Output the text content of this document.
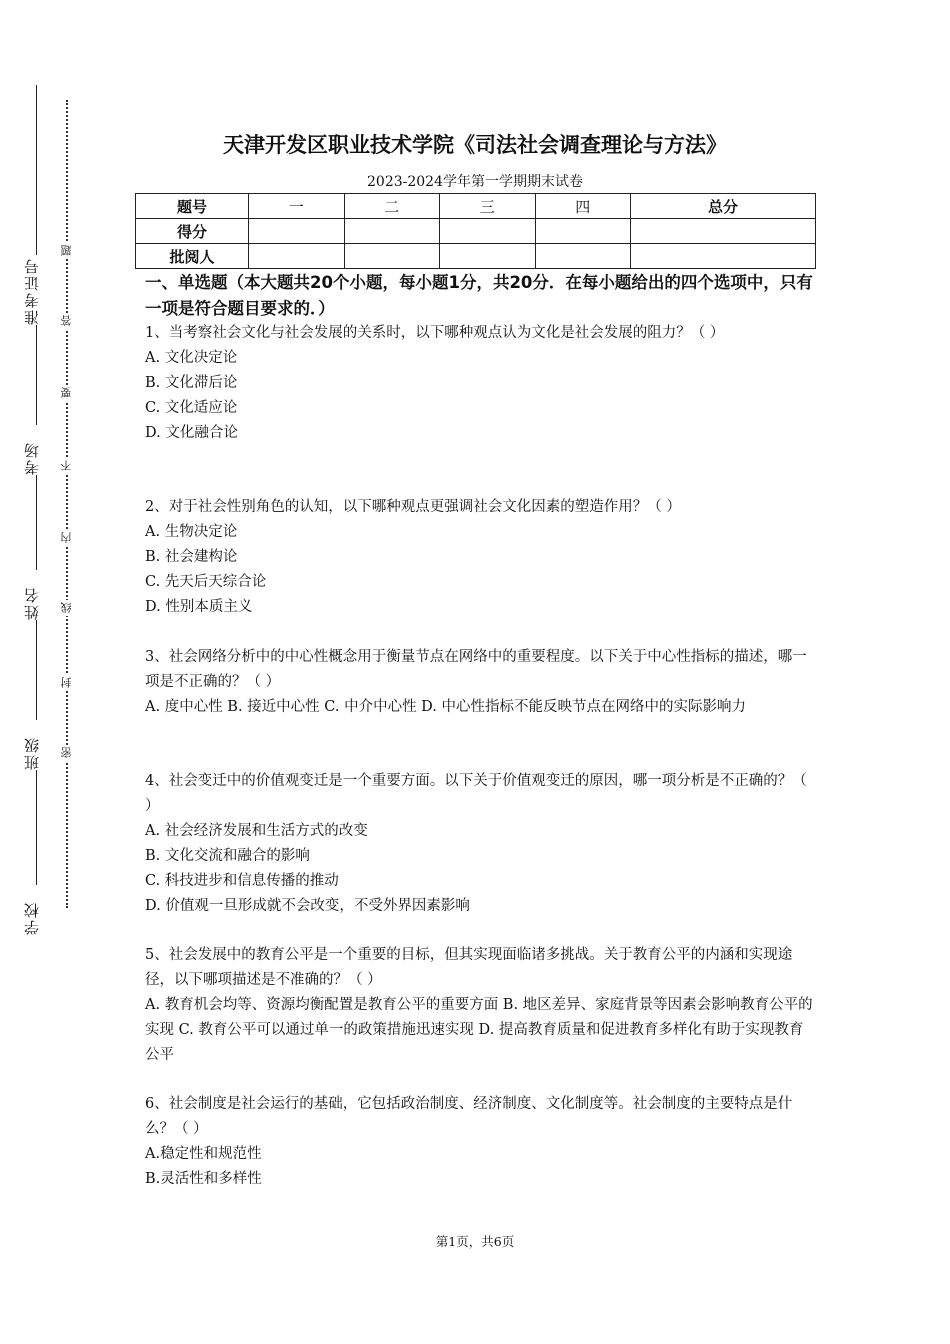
准考证号
考场
姓名
班级
学校
密
封
线
内
不
要
答
题
天津开发区职业技术学院《司法社会调查理论与方法》
2023-2024学年第一学期期末试卷
题号	一	二	三	四	总分
得分					
批阅人					
一、单选题（本大题共20个小题，每小题1分，共20分．在每小题给出的四个选项中，只有一项是符合题目要求的．）

1、当考察社会文化与社会发展的关系时，以下哪种观点认为文化是社会发展的阻力？（ ）

A. 文化决定论

B. 文化滞后论

C. 文化适应论

D. 文化融合论

2、对于社会性别角色的认知，以下哪种观点更强调社会文化因素的塑造作用？（ ）

A. 生物决定论

B. 社会建构论

C. 先天后天综合论

D. 性别本质主义

3、社会网络分析中的中心性概念用于衡量节点在网络中的重要程度。以下关于中心性指标的描述，哪一项是不正确的？（ ）

A. 度中心性 B. 接近中心性 C. 中介中心性 D. 中心性指标不能反映节点在网络中的实际影响力

4、社会变迁中的价值观变迁是一个重要方面。以下关于价值观变迁的原因，哪一项分析是不正确的？（ ）

A. 社会经济发展和生活方式的改变

B. 文化交流和融合的影响

C. 科技进步和信息传播的推动

D. 价值观一旦形成就不会改变，不受外界因素影响

5、社会发展中的教育公平是一个重要的目标，但其实现面临诸多挑战。关于教育公平的内涵和实现途径，以下哪项描述是不准确的？（ ）

A. 教育机会均等、资源均衡配置是教育公平的重要方面 B. 地区差异、家庭背景等因素会影响教育公平的实现 C. 教育公平可以通过单一的政策措施迅速实现 D. 提高教育质量和促进教育多样化有助于实现教育公平

6、社会制度是社会运行的基础，它包括政治制度、经济制度、文化制度等。社会制度的主要特点是什么？（ ）

A.稳定性和规范性

B.灵活性和多样性

第1页，共6页
